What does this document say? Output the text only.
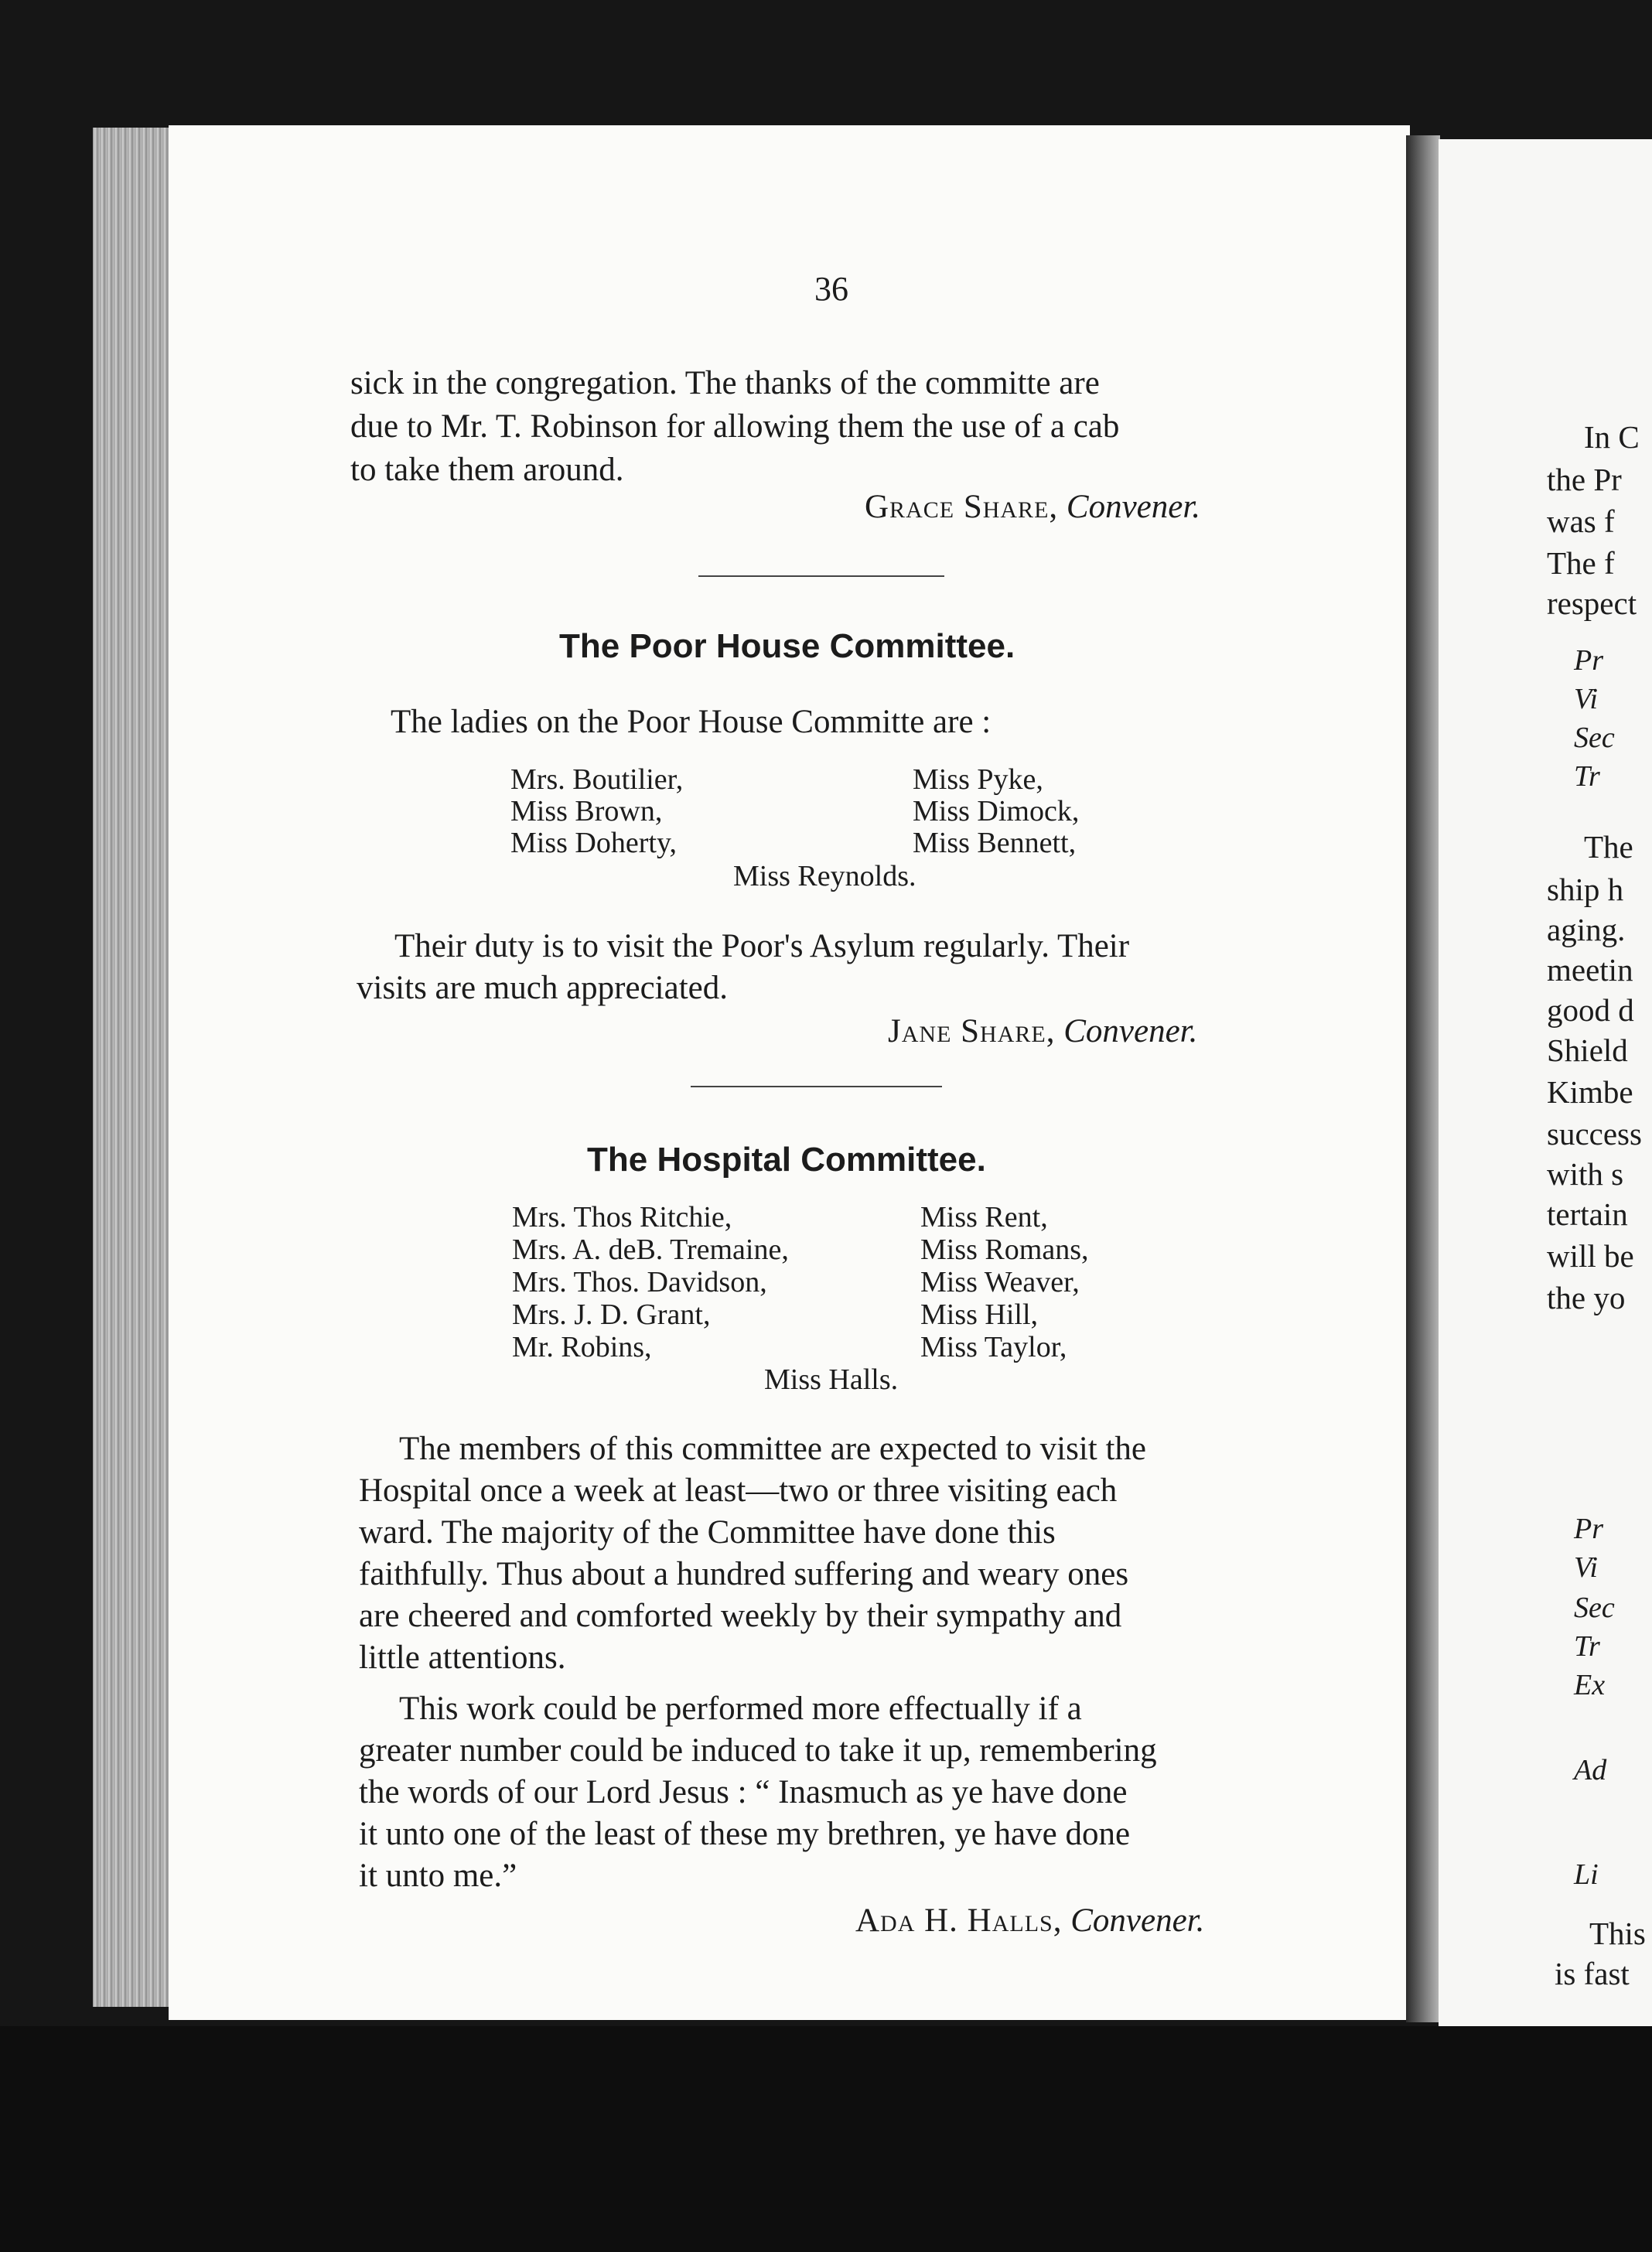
36
sick in the congregation. The thanks of the committe are
due to Mr. T. Robinson for allowing them the use of a cab
to take them around.
Grace Share, Convener.
The Poor House Committee.
The ladies on the Poor House Committe are :
Mrs. Boutilier,
Miss Brown,
Miss Doherty,
Miss Pyke,
Miss Dimock,
Miss Bennett,
Miss Reynolds.
Their duty is to visit the Poor's Asylum regularly. Their
visits are much appreciated.
Jane Share, Convener.
The Hospital Committee.
Mrs. Thos Ritchie,
Mrs. A. deB. Tremaine,
Mrs. Thos. Davidson,
Mrs. J. D. Grant,
Mr. Robins,
Miss Rent,
Miss Romans,
Miss Weaver,
Miss Hill,
Miss Taylor,
Miss Halls.
The members of this committee are expected to visit the
Hospital once a week at least—two or three visiting each
ward. The majority of the Committee have done this
faithfully. Thus about a hundred suffering and weary ones
are cheered and comforted weekly by their sympathy and
little attentions.
This work could be performed more effectually if a
greater number could be induced to take it up, remembering
the words of our Lord Jesus : “ Inasmuch as ye have done
it unto one of the least of these my brethren, ye have done
it unto me.”
Ada H. Halls, Convener.
In C
the Pr
was f
The f
respect
Pr
Vi
Sec
Tr
The
ship h
aging.
meetin
good d
Shield
Kimbe
success
with s
tertain
will be
the yo
Pr
Vi
Sec
Tr
Ex
Ad
Li
This
is fast
